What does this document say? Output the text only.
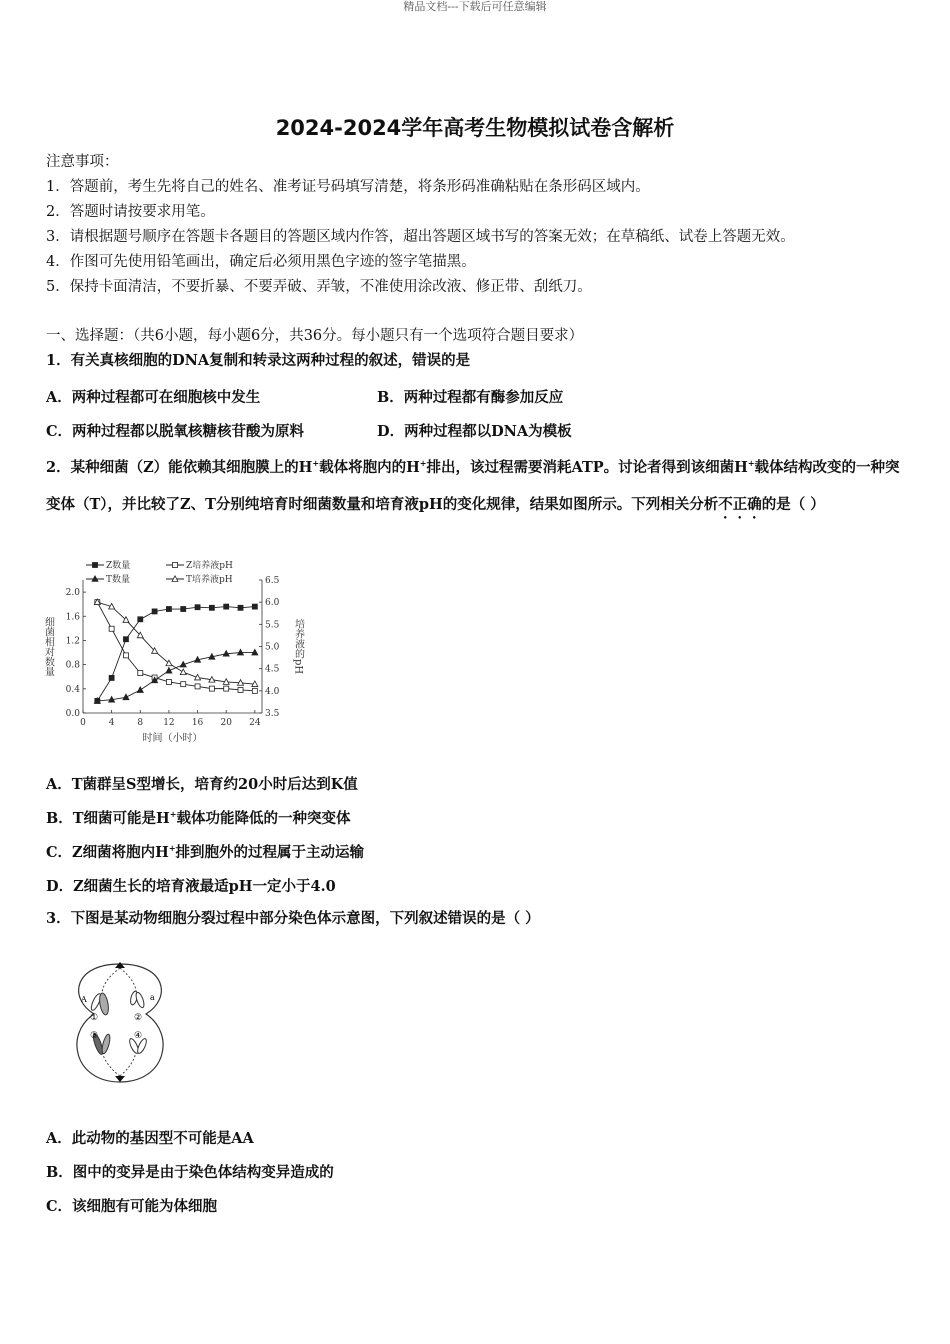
精品文档---下载后可任意编辑
2024-2024学年高考生物模拟试卷含解析
注意事项：
1．答题前，考生先将自己的姓名、准考证号码填写清楚，将条形码准确粘贴在条形码区域内。
2．答题时请按要求用笔。
3．请根据题号顺序在答题卡各题目的答题区域内作答，超出答题区域书写的答案无效；在草稿纸、试卷上答题无效。
4．作图可先使用铅笔画出，确定后必须用黑色字迹的签字笔描黑。
5．保持卡面清洁，不要折暴、不要弄破、弄皱，不准使用涂改液、修正带、刮纸刀。
一、选择题：（共6小题，每小题6分，共36分。每小题只有一个选项符合题目要求）
1．有关真核细胞的DNA复制和转录这两种过程的叙述，错误的是
A．两种过程都可在细胞核中发生	B．两种过程都有酶参加反应
C．两种过程都以脱氧核糖核苷酸为原料	D．两种过程都以DNA为模板
2．某种细菌（Z）能依赖其细胞膜上的H+载体将胞内的H+排出，该过程需要消耗ATP。讨论者得到该细菌H+载体结构改变的一种突变体（T），并比较了Z、T分别纯培育时细菌数量和培育液pH的变化规律，结果如图所示。下列相关分析不正确的是（ ）
0	4	8 12 16 20 24
0.0
0.4
0.8
1.2
1.6
2.0
3.5
4.0
4.5
5.0
5.5
6.0
6.5
时间（小时）
细菌相对数量	培养液的pH
Z数量	Z培养液pH
T数量	T培养液pH
A．T菌群呈S型增长，培育约20小时后达到K值
B．T细菌可能是H+载体功能降低的一种突变体
C．Z细菌将胞内H+排到胞外的过程属于主动运输
D．Z细菌生长的培育液最适pH一定小于4.0
3．下图是某动物细胞分裂过程中部分染色体示意图，下列叙述错误的是（ ）
A	a
①	②
③	④
A．此动物的基因型不可能是AA
B．图中的变异是由于染色体结构变异造成的
C．该细胞有可能为体细胞
